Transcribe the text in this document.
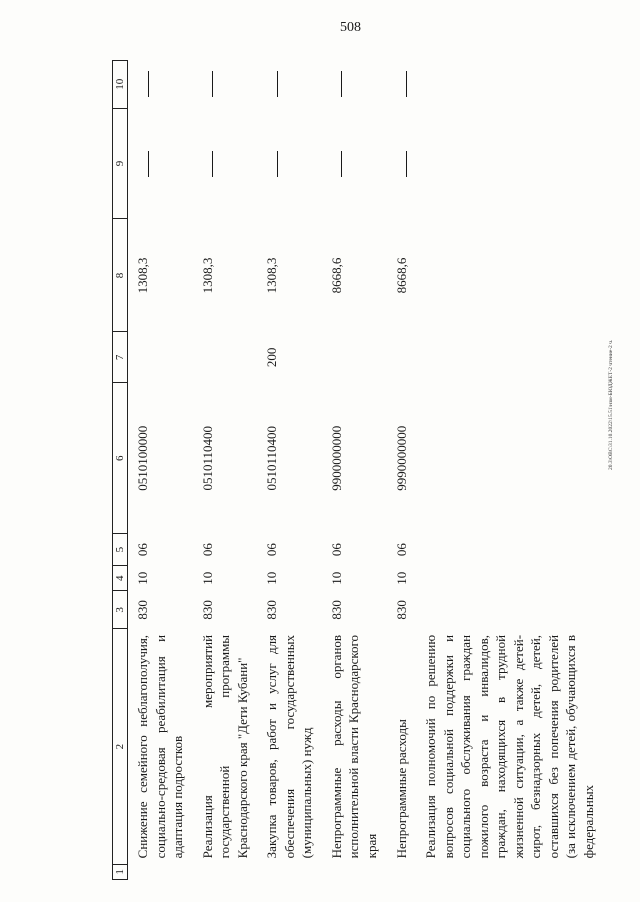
508
20.3\ОВС\31.10.2022\15.51\нзм-БЮДЖЕТ-2 чтение-2 ч.
1	2	3	4	5	6	7	8	9	10
	Снижение семейного неблагополучия, социально-средовая реабилитация и адаптация подростков	830	10	06	0510100000		1308,3		
	Реализация мероприятий государственной программы Краснодарского края "Дети Кубани"	830	10	06	0510110400		1308,3		
	Закупка товаров, работ и услуг для обеспечения государственных (муниципальных) нужд	830	10	06	0510110400	200	1308,3		
	Непрограммные расходы органов исполнительной власти Краснодарского края	830	10	06	9900000000		8668,6		
	Непрограммные расходы	830	10	06	9990000000		8668,6		
	Реализация полномочий по решению вопросов социальной поддержки и социального обслуживания граждан пожилого возраста и инвалидов, граждан, находящихся в трудной жизненной ситуации, а также детей-сирот, безнадзорных детей, детей, оставшихся без попечения родителей (за исключением детей, обучающихся в федеральных								
